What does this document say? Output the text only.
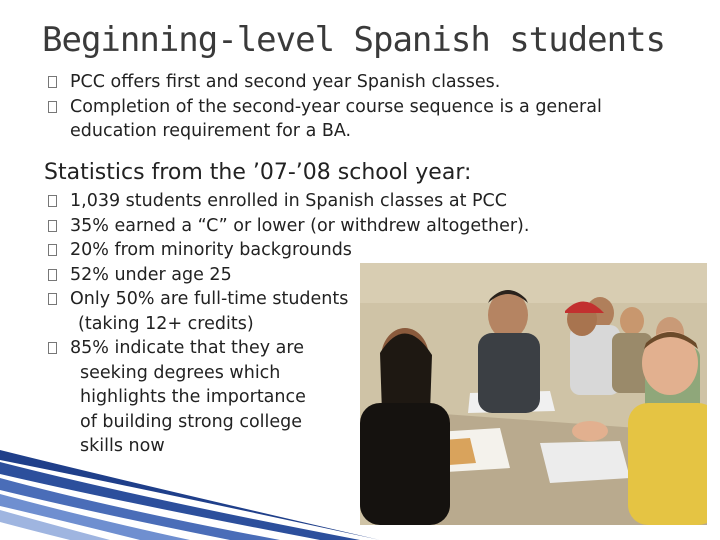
Beginning-level Spanish students
PCC offers first and second year Spanish classes.
Completion of the second-year course sequence is a general education requirement for a BA.
Statistics from the ’07-’08 school year:
1,039 students enrolled in Spanish classes at PCC
35% earned a “C” or lower (or withdrew altogether).
20% from minority backgrounds
52% under age 25
Only 50% are full-time students
(taking 12+ credits)
85% indicate that they are
seeking degrees which
highlights the importance
of building strong college
skills now
